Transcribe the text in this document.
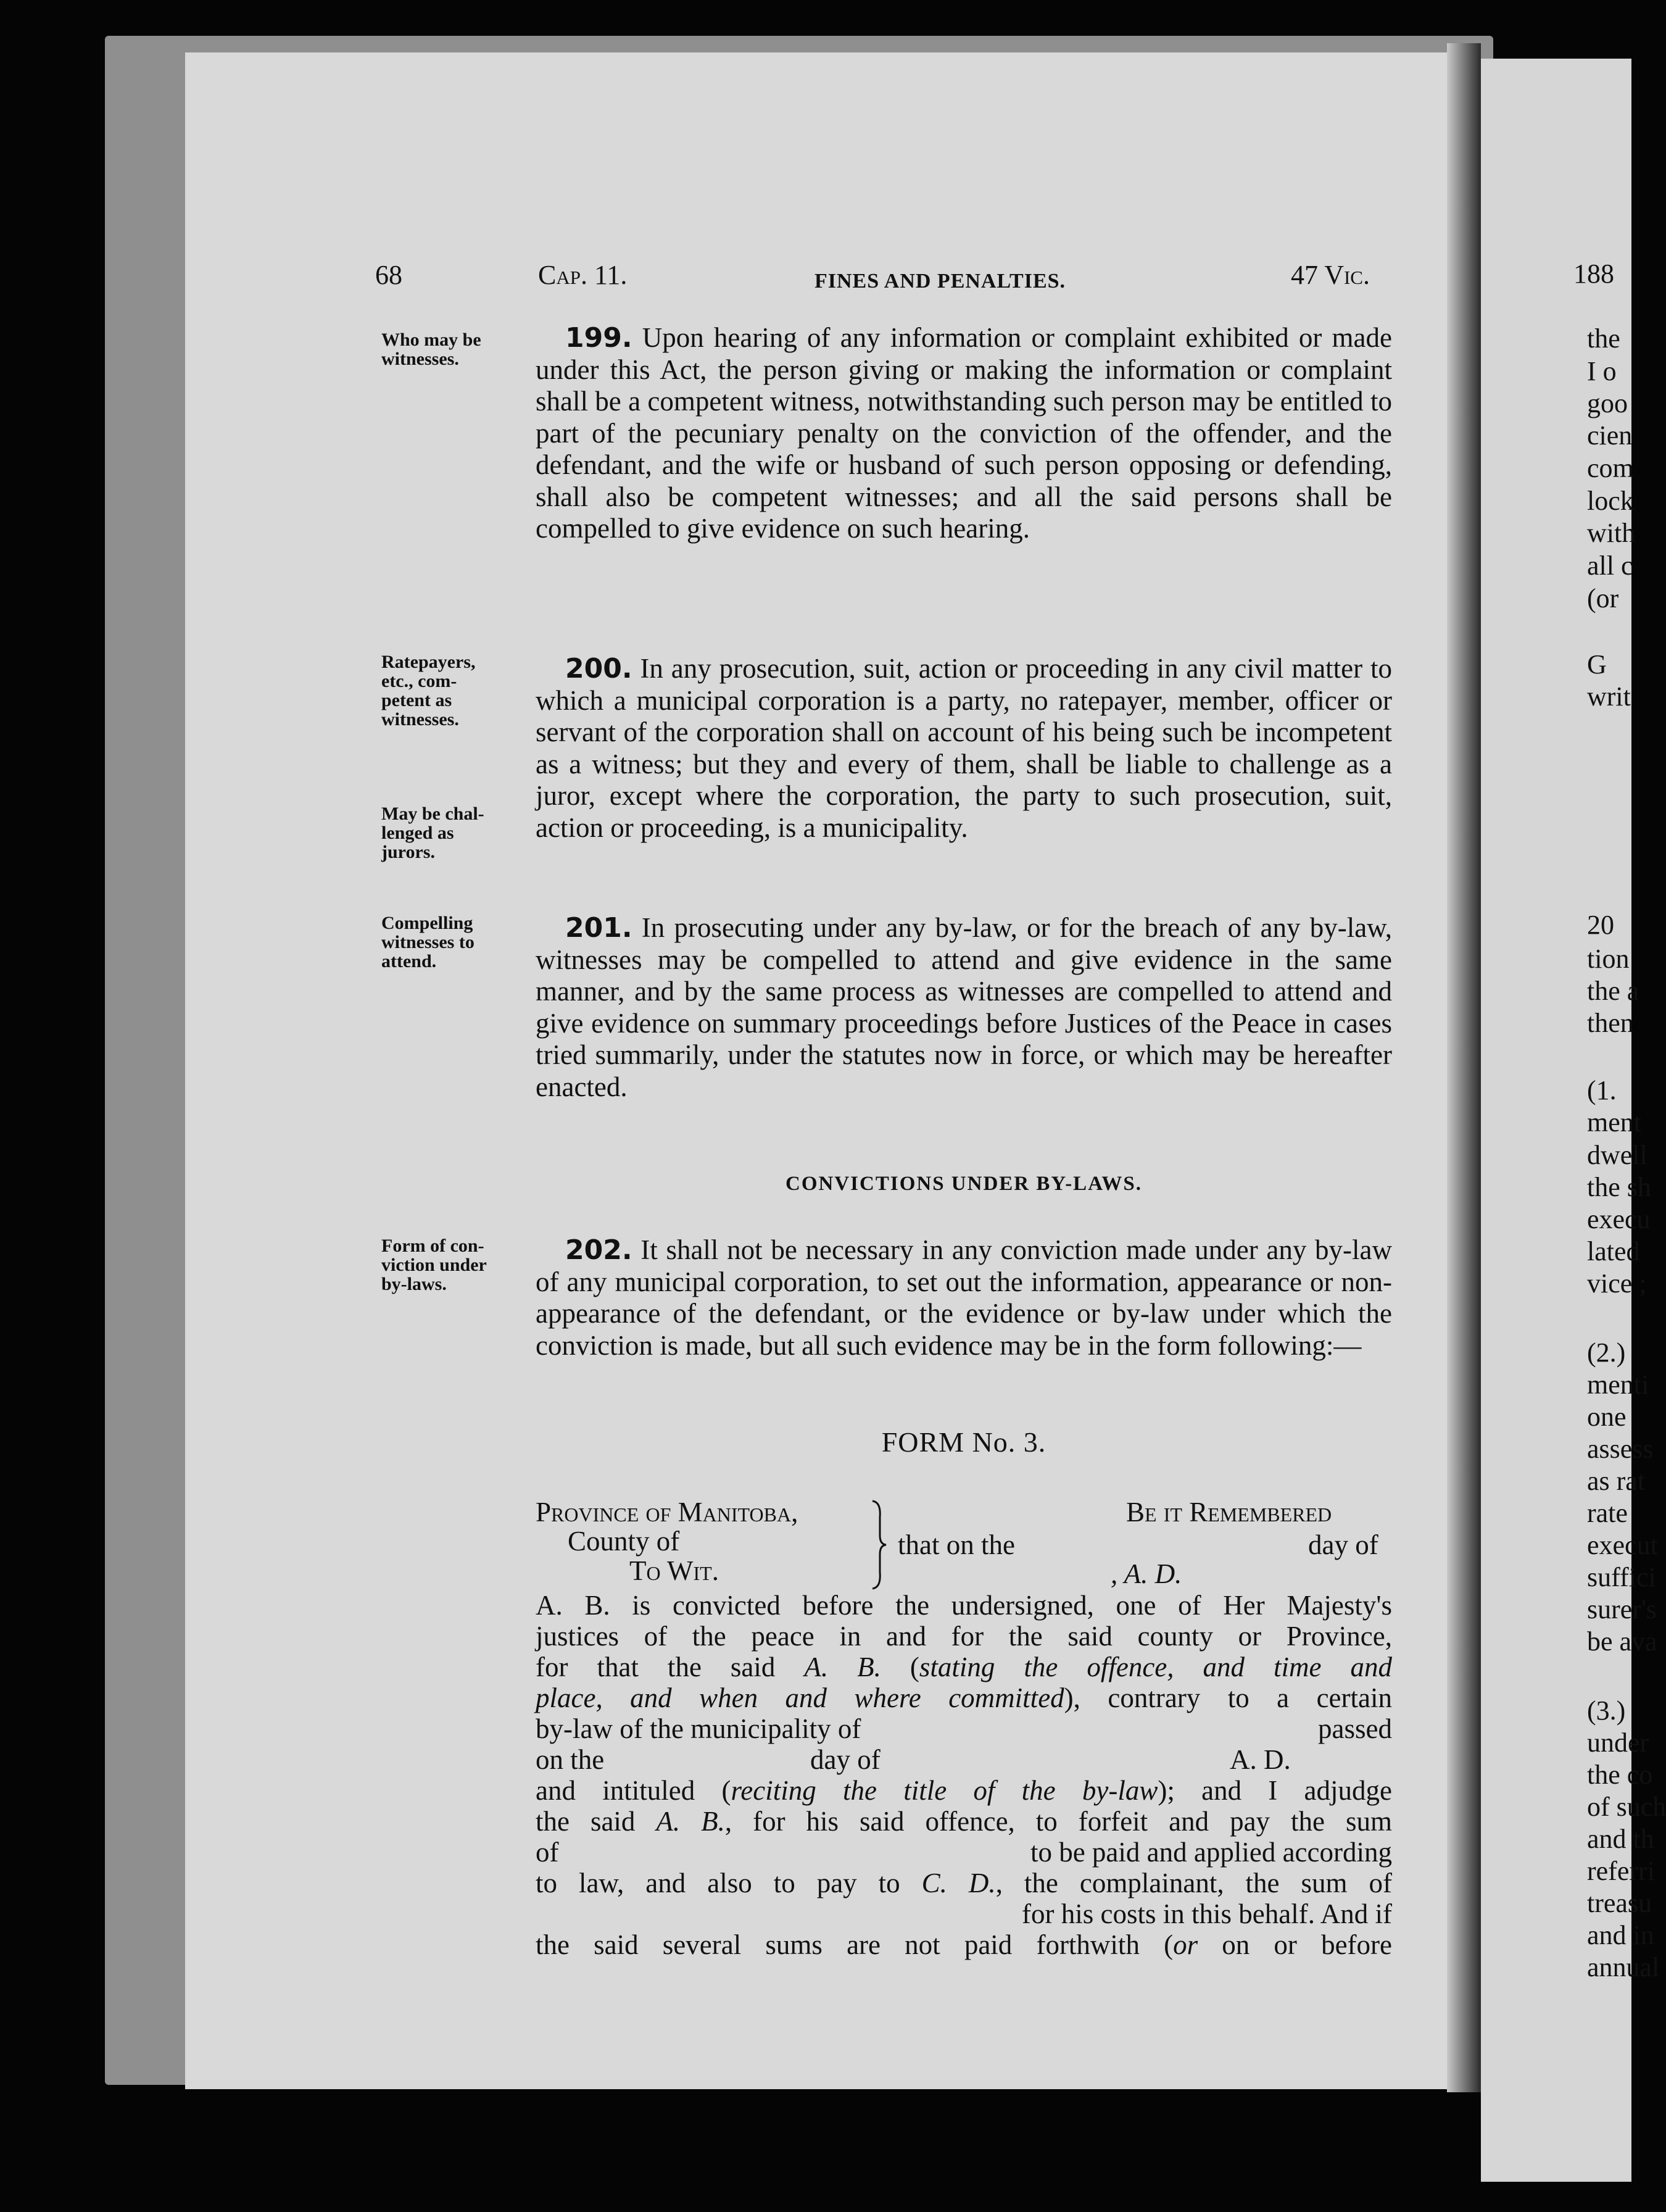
188
the
I o
goo
cien
com
lock
with
all c
(or
G
writ
20
tion
the a
then
(1.
ment
dwell
the sh
execu
lated
vice ;
(2.)
menti
one
assess
as rat
rate
execut
suffici
surer's
be ava
(3.)
under
the co
of such
and th
referri
treasu
and in
annual
68	Cap. 11.	FINES AND PENALTIES.	47 Vic.
Who may be
witnesses.

199. Upon hearing of any information or complaint exhibited or made under this Act, the person giving or making the information or complaint shall be a competent witness, notwithstanding such person may be entitled to part of the pecuniary penalty on the conviction of the offender, and the defendant, and the wife or husband of such person opposing or defending, shall also be competent witnesses; and all the said persons shall be compelled to give evidence on such hearing.

Ratepayers,
etc., com-
petent as
witnesses.
May be chal-
lenged as
jurors.

200. In any prosecution, suit, action or proceeding in any civil matter to which a municipal corporation is a party, no ratepayer, member, officer or servant of the corporation shall on account of his being such be incompetent as a witness; but they and every of them, shall be liable to challenge as a juror, except where the corporation, the party to such prosecution, suit, action or proceeding, is a municipality.

Compelling
witnesses to
attend.

201. In prosecuting under any by-law, or for the breach of any by-law, witnesses may be compelled to attend and give evidence in the same manner, and by the same process as witnesses are compelled to attend and give evidence on summary proceedings before Justices of the Peace in cases tried summarily, under the statutes now in force, or which may be hereafter enacted.

CONVICTIONS UNDER BY-LAWS.
Form of con-
viction under
by-laws.

202. It shall not be necessary in any conviction made under any by-law of any municipal corporation, to set out the information, appearance or non-appearance of the defendant, or the evidence or by-law under which the conviction is made, but all such evidence may be in the form following:—

FORM No. 3.
Province of Manitoba,
County of
To Wit.
that on the
Be it Remembered
day of
, A. D.
A. B. is convicted before the undersigned, one of Her Majesty's
justices of the peace in and for the said county or Province,
for that the said A. B. (stating the offence, and time and
place, and when and where committed), contrary to a certain
by-law of the municipality of	passed
on the	day of	A. D.
and intituled (reciting the title of the by-law); and I adjudge
the said A. B., for his said offence, to forfeit and pay the sum
of	to be paid and applied according
to law, and also to pay to C. D., the complainant, the sum of
for his costs in this behalf. And if
the said several sums are not paid forthwith (or on or before
